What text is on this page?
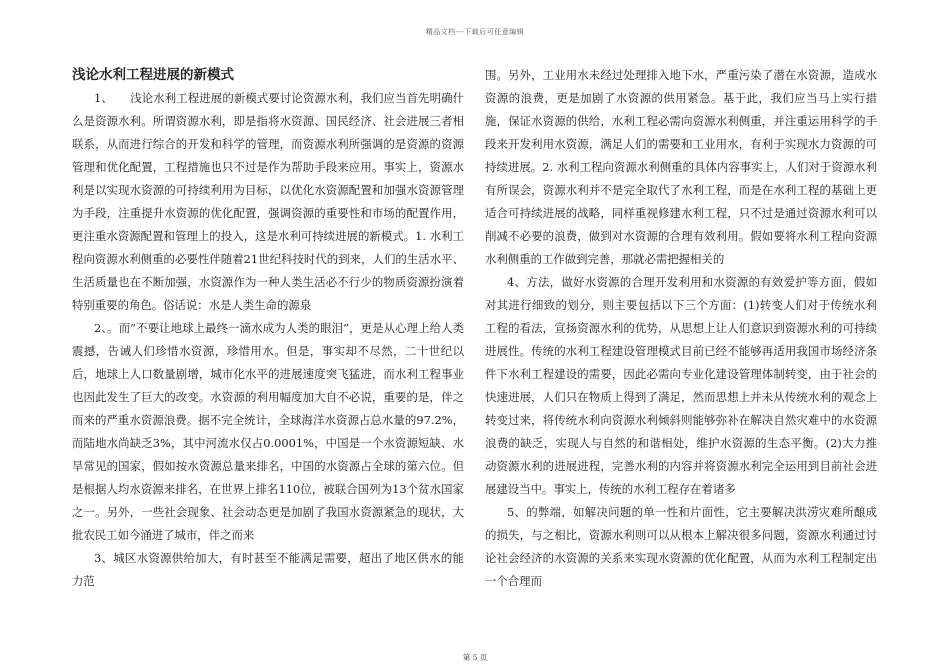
精品文档---下载后可任意编辑
浅论水利工程进展的新模式

1、　　浅论水利工程进展的新模式要讨论资源水利，我们应当首先明确什么是资源水利。所谓资源水利，即是指将水资源、国民经济、社会进展三者相联系，从而进行综合的开发和科学的管理，而资源水利所强调的是资源的资源管理和优化配置，工程措施也只不过是作为帮助手段来应用。事实上，资源水利是以实现水资源的可持续利用为目标，以优化水资源配置和加强水资源管理为手段，注重提升水资源的优化配置，强调资源的重要性和市场的配置作用，更注重水资源配置和管理上的投入，这是水利可持续进展的新模式。1. 水利工程向资源水利侧重的必要性伴随着21世纪科技时代的到来，人们的生活水平、生活质量也在不断加强，水资源作为一种人类生活必不行少的物质资源扮演着特别重要的角色。俗话说：水是人类生命的源泉

2、。而“不要让地球上最终一滴水成为人类的眼泪”，更是从心理上给人类震撼，告诫人们珍惜水资源，珍惜用水。但是，事实却不尽然，二十世纪以后，地球上人口数量剧增，城市化水平的进展速度突飞猛进，而水利工程事业也因此发生了巨大的改变。水资源的利用幅度加大自不必说，重要的是，伴之而来的严重水资源浪费。据不完全统计，全球海洋水资源占总水量的97.2%，而陆地水尚缺乏3%，其中河流水仅占0.0001%，中国是一个水资源短缺、水旱常见的国家，假如按水资源总量来排名，中国的水资源占全球的第六位。但是根据人均水资源来排名，在世界上排名110位，被联合国列为13个贫水国家之一。另外，一些社会现象、社会动态更是加剧了我国水资源紧急的现状，大批农民工如今涌进了城市，伴之而来

3、城区水资源供给加大，有时甚至不能满足需要，超出了地区供水的能力范

围。另外，工业用水未经过处理排入地下水，严重污染了潜在水资源，造成水资源的浪费，更是加剧了水资源的供用紧急。基于此，我们应当马上实行措施，保证水资源的供给，水利工程必需向资源水利侧重，并注重运用科学的手段来开发利用水资源，满足人们的需要和工业用水，有利于实现水力资源的可持续进展。2. 水利工程向资源水利侧重的具体内容事实上，人们对于资源水利有所误会，资源水利并不是完全取代了水利工程，而是在水利工程的基础上更适合可持续进展的战略，同样重视修建水利工程，只不过是通过资源水利可以削减不必要的浪费，做到对水资源的合理有效利用。假如要将水利工程向资源水利侧重的工作做到完善，那就必需把握相关的

4、方法，做好水资源的合理开发利用和水资源的有效爱护等方面，假如对其进行细致的划分，则主要包括以下三个方面：(1)转变人们对于传统水利工程的看法，宣扬资源水利的优势，从思想上让人们意识到资源水利的可持续进展性。传统的水利工程建设管理模式目前已经不能够再适用我国市场经济条件下水利工程建设的需要，因此必需向专业化建设管理体制转变，由于社会的快速进展，人们只在物质上得到了满足，然而思想上并未从传统水利的观念上转变过来，将传统水利向资源水利倾斜则能够弥补在解决自然灾难中的水资源浪费的缺乏，实现人与自然的和谐相处，维护水资源的生态平衡。(2)大力推动资源水利的进展进程，完善水利的内容并将资源水利完全运用到目前社会进展建设当中。事实上，传统的水利工程存在着诸多

5、的弊端，如解决问题的单一性和片面性，它主要解决洪涝灾难所酿成的损失，与之相比，资源水利则可以从根本上解决很多问题，资源水利通过讨论社会经济的水资源的关系来实现水资源的优化配置，从而为水利工程制定出一个合理而

第 5 页
